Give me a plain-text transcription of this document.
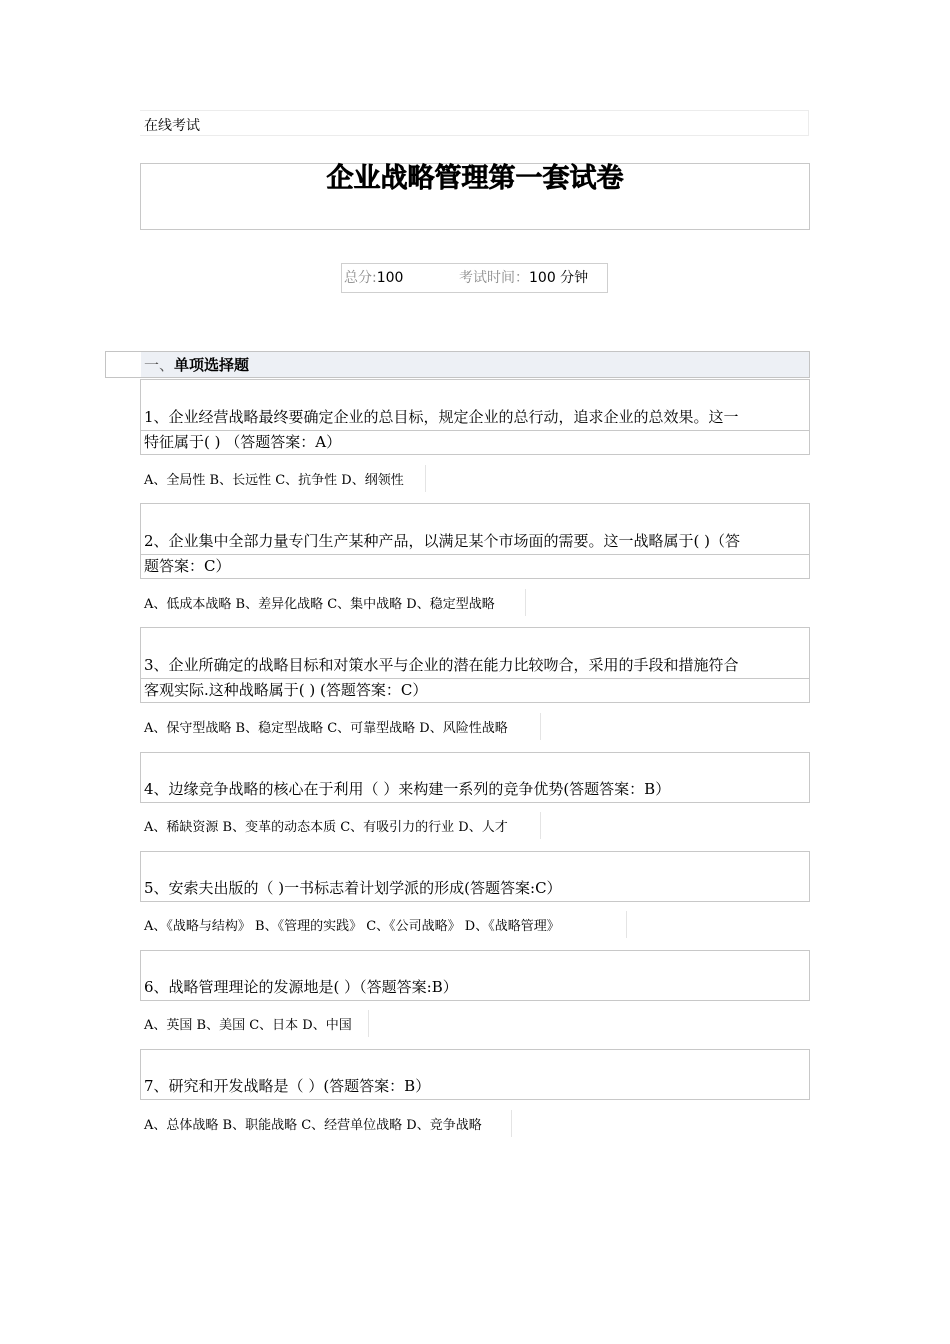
在线考试
企业战略管理第一套试卷
总分:100	考试时间：100 分钟
一、单项选择题
1、企业经营战略最终要确定企业的总目标，规定企业的总行动，追求企业的总效果。这一
特征属于( ) （答题答案：A）
A、全局性 B、长远性 C、抗争性 D、纲领性
2、企业集中全部力量专门生产某种产品，以满足某个市场面的需要。这一战略属于( )（答
题答案：C）
A、低成本战略 B、差异化战略 C、集中战略 D、稳定型战略
3、企业所确定的战略目标和对策水平与企业的潜在能力比较吻合，采用的手段和措施符合
客观实际.这种战略属于( ) (答题答案：C）
A、保守型战略 B、稳定型战略 C、可靠型战略 D、风险性战略
4、边缘竞争战略的核心在于利用（ ）来构建一系列的竞争优势(答题答案：B）
A、稀缺资源 B、变革的动态本质 C、有吸引力的行业 D、人才
5、安索夫出版的（ )一书标志着计划学派的形成(答题答案:C）
A、《战略与结构》 B、《管理的实践》 C、《公司战略》 D、《战略管理》
6、战略管理理论的发源地是( ）（答题答案:B）
A、英国 B、美国 C、日本 D、中国
7、研究和开发战略是（ ）(答题答案：B）
A、总体战略 B、职能战略 C、经营单位战略 D、竞争战略
